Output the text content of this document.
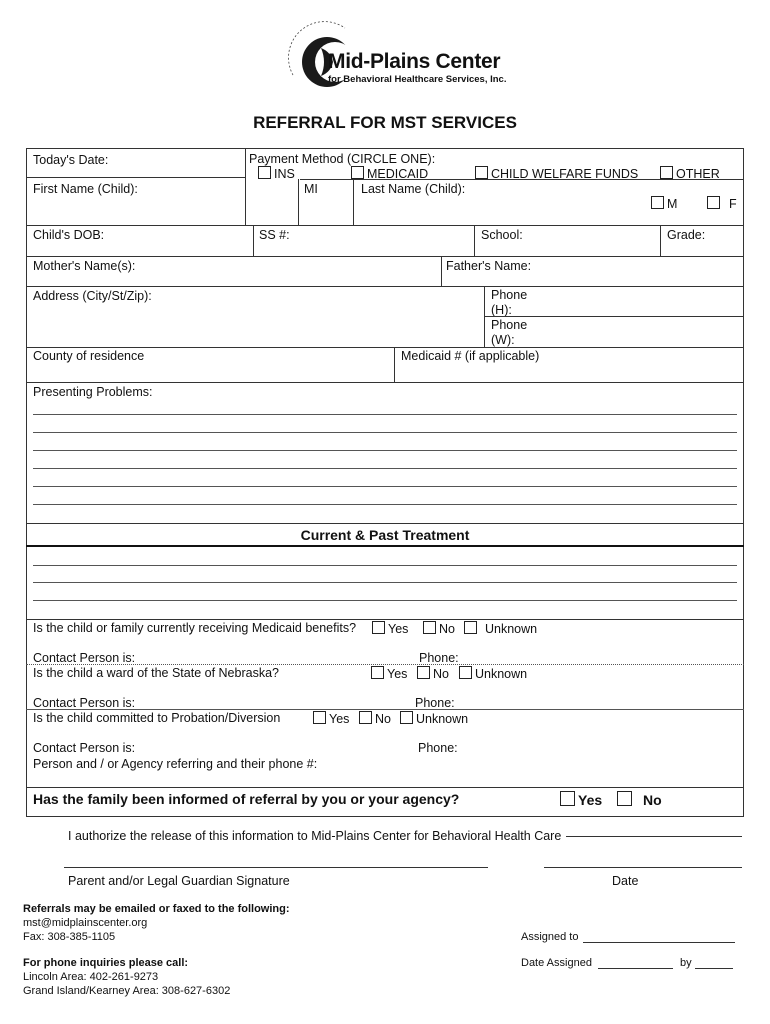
Mid-Plains Center
for Behavioral Healthcare Services, Inc.
REFERRAL FOR MST SERVICES
Today's Date:	Payment Method (CIRCLE ONE):
INS	MEDICAID	CHILD WELFARE FUNDS	OTHER
First Name (Child):	MI	Last Name (Child):
M	F
Child's DOB:	SS #:	School:	Grade:
Mother's Name(s):	Father's Name:
Address (City/St/Zip):	Phone
(H):
Phone
(W):
County of residence	Medicaid # (if applicable)
Presenting Problems:
Current & Past Treatment
Is the child or family currently receiving Medicaid benefits?	Yes	No	Unknown
Contact Person is:	Phone:
Is the child a ward of the State of Nebraska?	Yes	No	Unknown
Contact Person is:	Phone:
Is the child committed to Probation/Diversion	Yes	No	Unknown
Contact Person is:	Phone:
Person and / or Agency referring and their phone #:
Has the family been informed of referral by you or your agency?	Yes	No
I authorize the release of this information to Mid-Plains Center for Behavioral Health Care
Parent and/or Legal Guardian Signature	Date
Referrals may be emailed or faxed to the following:
mst@midplainscenter.org
Fax: 308-385-1105
For phone inquiries please call:
Lincoln Area: 402-261-9273
Grand Island/Kearney Area: 308-627-6302
Assigned to
Date Assigned	by
